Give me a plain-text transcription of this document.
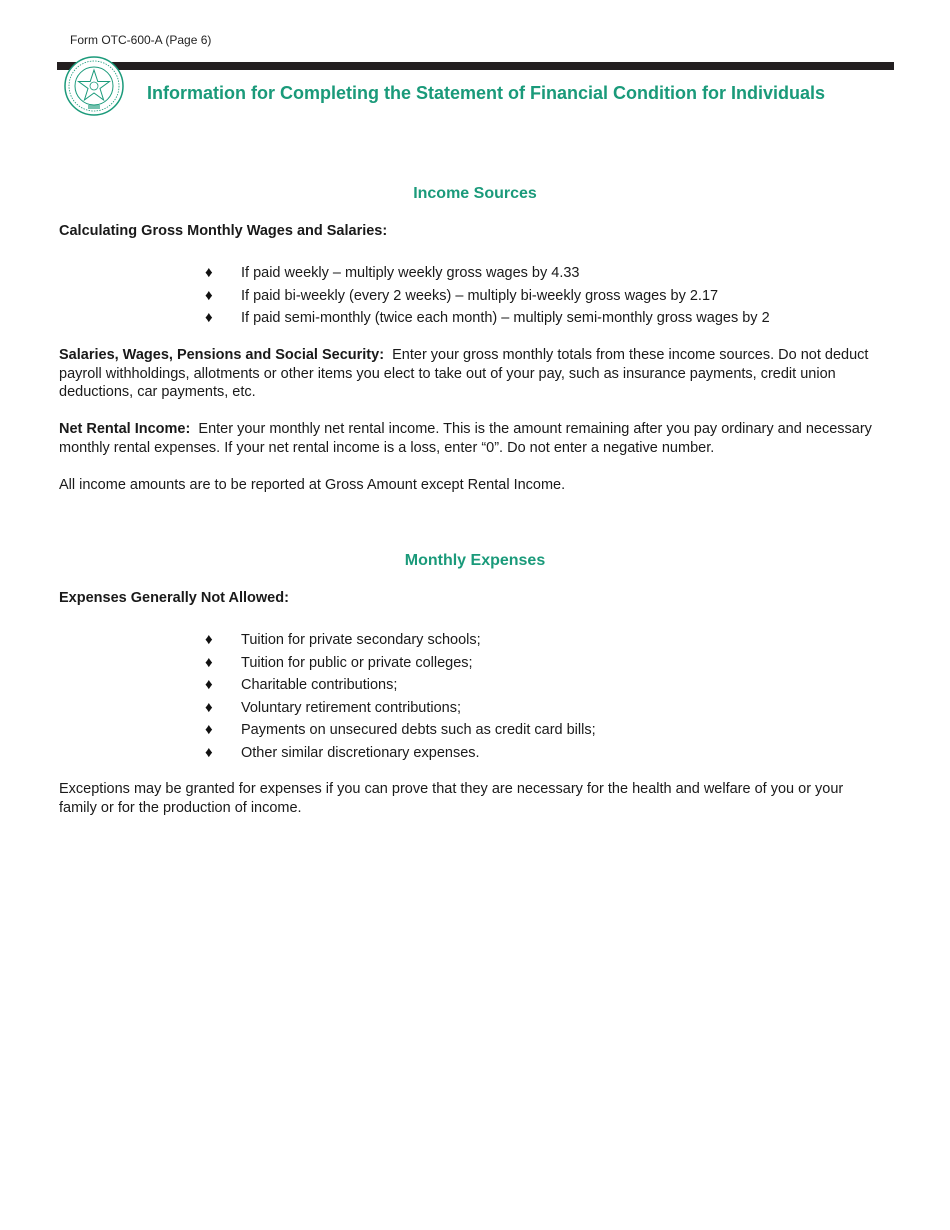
Form OTC-600-A (Page 6)
Information for Completing the Statement of Financial Condition for Individuals
Income Sources
Calculating Gross Monthly Wages and Salaries:
♦ If paid weekly – multiply weekly gross wages by 4.33
♦ If paid bi-weekly (every 2 weeks) – multiply bi-weekly gross wages by 2.17
♦ If paid semi-monthly (twice each month) – multiply semi-monthly gross wages by 2

Salaries, Wages, Pensions and Social Security: Enter your gross monthly totals from these income sources. Do not deduct payroll withholdings, allotments or other items you elect to take out of your pay, such as insurance payments, credit union deductions, car payments, etc.

Net Rental Income: Enter your monthly net rental income. This is the amount remaining after you pay ordinary and necessary monthly rental expenses. If your net rental income is a loss, enter “0”. Do not enter a negative number.

All income amounts are to be reported at Gross Amount except Rental Income.

Monthly Expenses
Expenses Generally Not Allowed:
♦ Tuition for private secondary schools;
♦ Tuition for public or private colleges;
♦ Charitable contributions;
♦ Voluntary retirement contributions;
♦ Payments on unsecured debts such as credit card bills;
♦ Other similar discretionary expenses.

Exceptions may be granted for expenses if you can prove that they are necessary for the health and welfare of you or your family or for the production of income.
